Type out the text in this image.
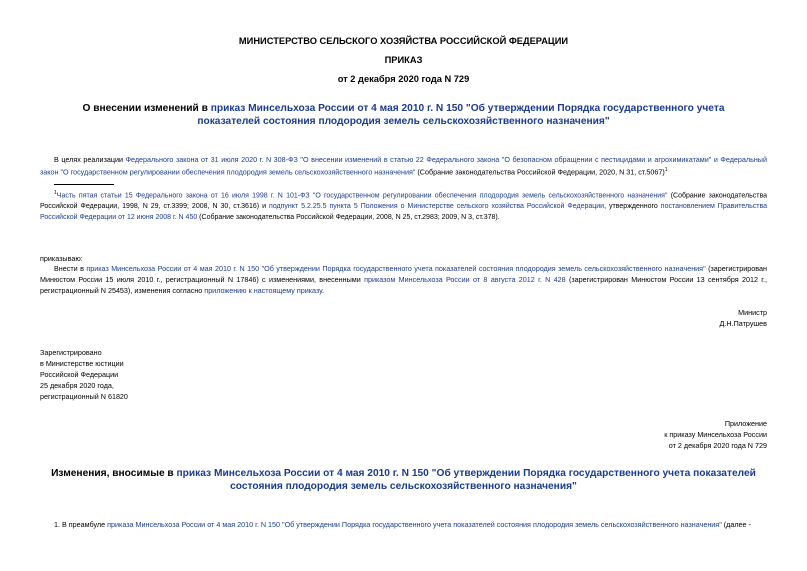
МИНИСТЕРСТВО СЕЛЬСКОГО ХОЗЯЙСТВА РОССИЙСКОЙ ФЕДЕРАЦИИ
ПРИКАЗ
от 2 декабря 2020 года N 729
О внесении изменений в приказ Минсельхоза России от 4 мая 2010 г. N 150 "Об утверждении Порядка государственного учета показателей состояния плодородия земель сельскохозяйственного назначения"
В целях реализации Федерального закона от 31 июля 2020 г. N 308-ФЗ "О внесении изменений в статью 22 Федерального закона "О безопасном обращении с пестицидами и агрохимикатами" и Федеральный закон "О государственном регулировании обеспечения плодородия земель сельскохозяйственного назначения" (Собрание законодательства Российской Федерации, 2020, N 31, ст.5067)$^1$
$^1$Часть пятая статьи 15 Федерального закона от 16 июля 1998 г. N 101-ФЗ "О государственном регулировании обеспечения плодородия земель сельскохозяйственного назначения" (Собрание законодательства Российской Федерации, 1998, N 29, ст.3399; 2008, N 30, ст.3616) и подпункт 5.2.25.5 пункта 5 Положения о Министерстве сельского хозяйства Российской Федерации, утвержденного постановлением Правительства Российской Федерации от 12 июня 2008 г. N 450 (Собрание законодательства Российской Федерации, 2008, N 25, ст.2983; 2009, N 3, ст.378).
приказываю:
Внести в приказ Минсельхоза России от 4 мая 2010 г. N 150 "Об утверждении Порядка государственного учета показателей состояния плодородия земель сельскохозяйственного назначения" (зарегистрирован Минюстом России 15 июля 2010 г., регистрационный N 17846) с изменениями, внесенными приказом Минсельхоза России от 8 августа 2012 г. N 428 (зарегистрирован Минюстом России 13 сентября 2012 г., регистрационный N 25453), изменения согласно приложению к настоящему приказу.
Министр
Д.Н.Патрушев
Зарегистрировано
в Министерстве юстиции
Российской Федерации
25 декабря 2020 года,
регистрационный N 61820
Приложение
к приказу Минсельхоза России
от 2 декабря 2020 года N 729
Изменения, вносимые в приказ Минсельхоза России от 4 мая 2010 г. N 150 "Об утверждении Порядка государственного учета показателей состояния плодородия земель сельскохозяйственного назначения"
1. В преамбуле приказа Минсельхоза России от 4 мая 2010 г. N 150 "Об утверждении Порядка государственного учета показателей состояния плодородия земель сельскохозяйственного назначения" (далее -
